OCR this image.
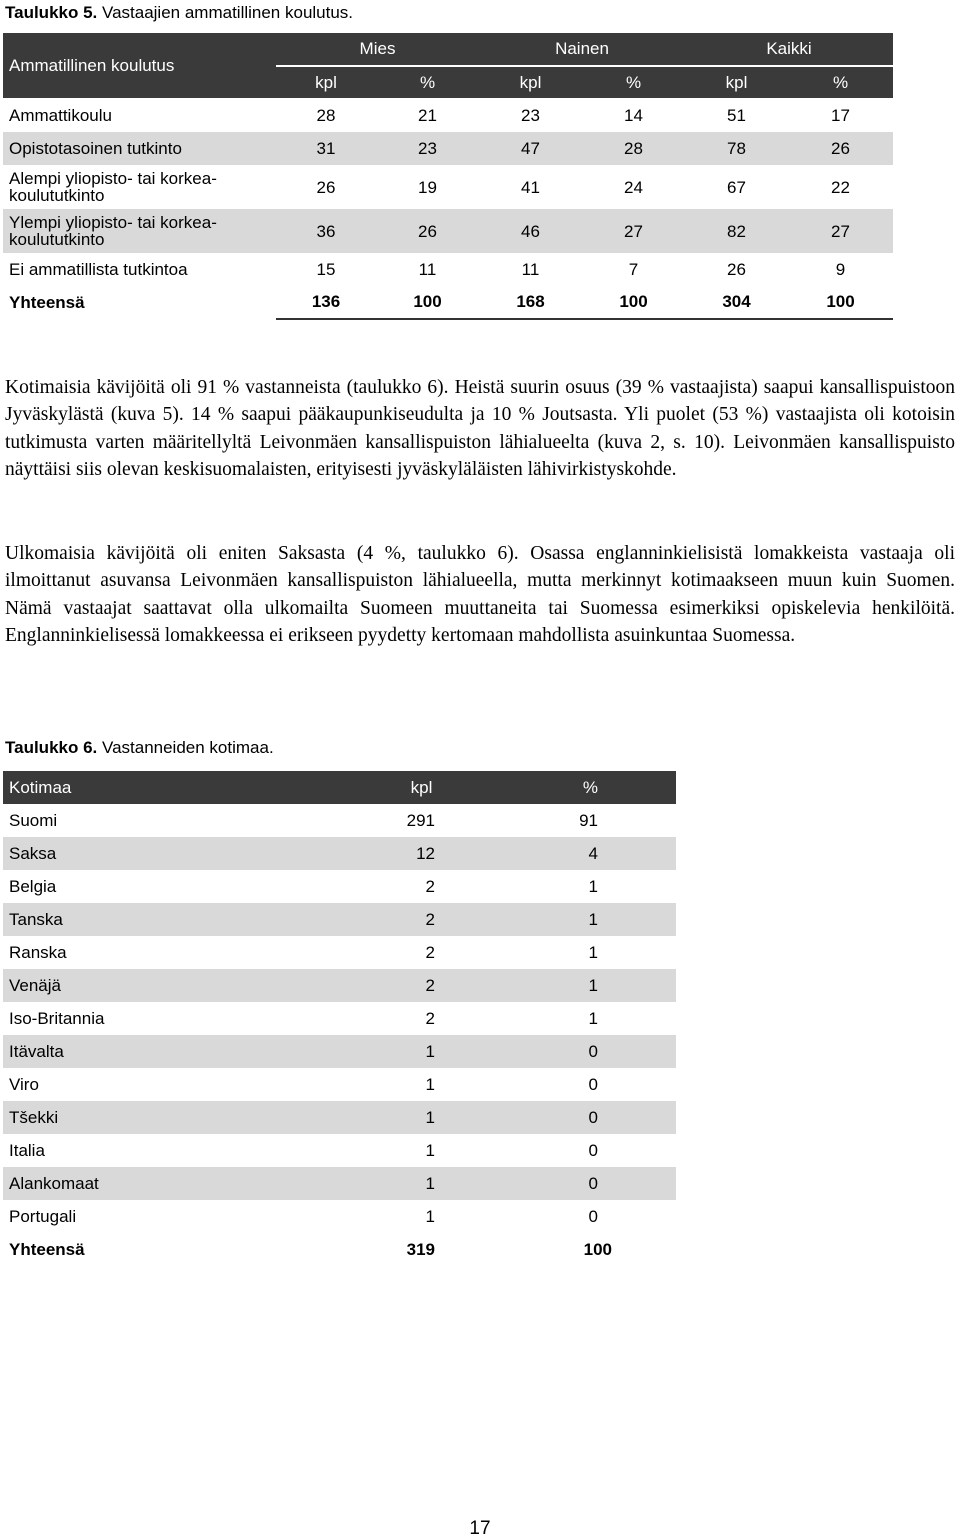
Taulukko 5. Vastaajien ammatillinen koulutus.
Ammatillinen koulutus	Mies		Nainen		Kaikki	
	kpl	%	kpl	%	kpl	%
Ammattikoulu	28	21	23	14	51	17
Opistotasoinen tutkinto	31	23	47	28	78	26
Alempi yliopisto- tai korkea-koulututkinto	26	19	41	24	67	22
Ylempi yliopisto- tai korkea-koulututkinto	36	26	46	27	82	27
Ei ammatillista tutkintoa	15	11	11	7	26	9
Yhteensä	136	100	168	100	304	100

Kotimaisia kävijöitä oli 91 % vastanneista (taulukko 6). Heistä suurin osuus (39 % vastaajista) saapui kansallispuistoon Jyväskylästä (kuva 5). 14 % saapui pääkaupunkiseudulta ja 10 % Joutsasta. Yli puolet (53 %) vastaajista oli kotoisin tutkimusta varten määritellyltä Leivonmäen kansallispuiston lähialueelta (kuva 2, s. 10). Leivonmäen kansallispuisto näyttäisi siis olevan keskisuomalaisten, erityisesti jyväskyläläisten lähivirkistyskohde.

Ulkomaisia kävijöitä oli eniten Saksasta (4 %, taulukko 6). Osassa englanninkielisistä lomakkeista vastaaja oli ilmoittanut asuvansa Leivonmäen kansallispuiston lähialueella, mutta merkinnyt kotimaakseen muun kuin Suomen. Nämä vastaajat saattavat olla ulkomailta Suomeen muuttaneita tai Suomessa esimerkiksi opiskelevia henkilöitä. Englanninkielisessä lomakkeessa ei erikseen pyydetty kertomaan mahdollista asuinkuntaa Suomessa.

Taulukko 6. Vastanneiden kotimaa.
Kotimaa	kpl	%
Suomi	291	91
Saksa	12	4
Belgia	2	1
Tanska	2	1
Ranska	2	1
Venäjä	2	1
Iso-Britannia	2	1
Itävalta	1	0
Viro	1	0
Tšekki	1	0
Italia	1	0
Alankomaat	1	0
Portugali	1	0
Yhteensä	319	100
17
